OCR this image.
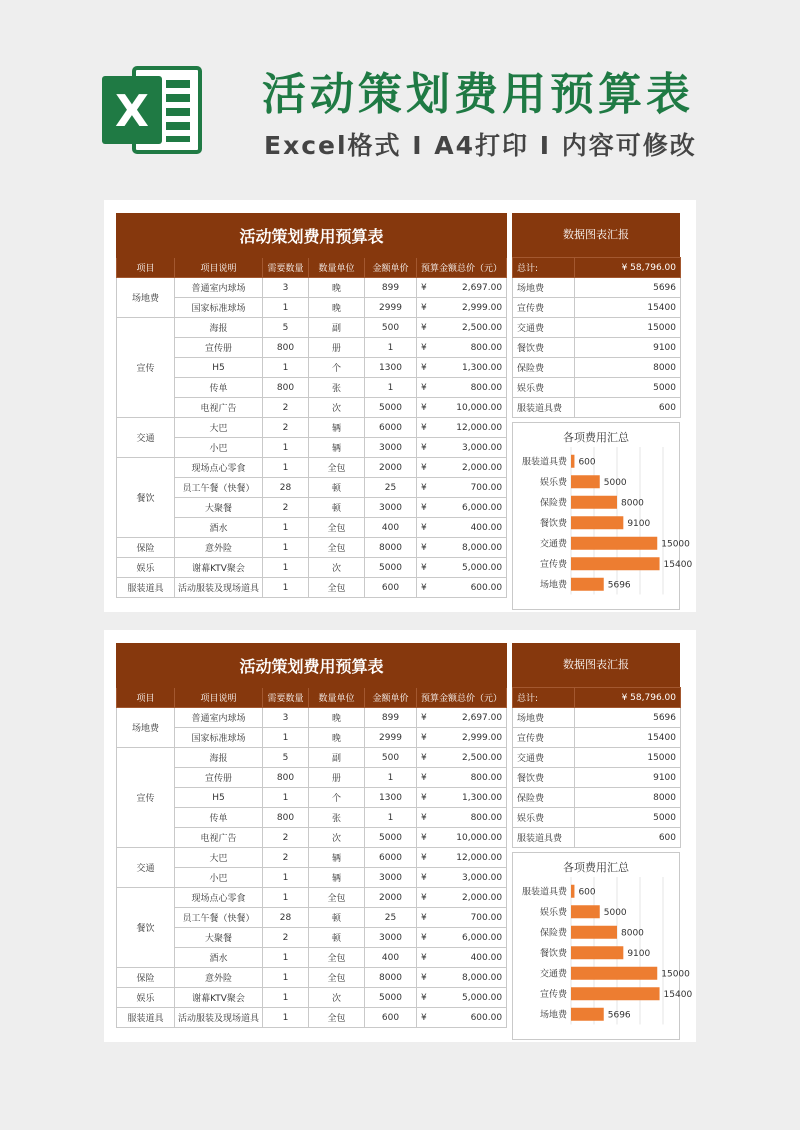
X	活动策划费用预算表
Excel格式 I A4打印 I 内容可修改
活动策划费用预算表					
项目	项目说明	需要数量	数量单位	金额单价	预算金额总价（元）
场地费	普通室内球场	3	晚	899	¥ 2,697.00

	国家标准球场	1	晚	2999	¥ 2,999.00

宣传	海报	5	副	500	¥ 2,500.00

	宣传册	800	册	1	¥ 800.00

	H5	1	个	1300	¥ 1,300.00

	传单	800	张	1	¥ 800.00

	电视广告	2	次	5000	¥ 10,000.00

交通	大巴	2	辆	6000	¥ 12,000.00

	小巴	1	辆	3000	¥ 3,000.00

餐饮	现场点心零食	1	全包	2000	¥ 2,000.00

	员工午餐（快餐）	28	顿	25	¥ 700.00

	大聚餐	2	顿	3000	¥ 6,000.00

	酒水	1	全包	400	¥ 400.00

保险	意外险	1	全包	8000	¥ 8,000.00

娱乐	谢幕KTV聚会	1	次	5000	¥ 5,000.00

服装道具	活动服装及现场道具	1	全包	600	¥ 600.00
数据图表汇报
总计:	¥ 58,796.00
场地费	5696
宣传费	15400
交通费	15000
餐饮费	9100
保险费	8000
娱乐费	5000
服装道具费	600
各项费用汇总
服装道具费 600
娱乐费	5000
保险费	8000
餐饮费	9100
交通费	15000
宣传费	15400
场地费	5696
活动策划费用预算表					
项目	项目说明	需要数量	数量单位	金额单价	预算金额总价（元）
场地费	普通室内球场	3	晚	899	¥ 2,697.00

	国家标准球场	1	晚	2999	¥ 2,999.00

宣传	海报	5	副	500	¥ 2,500.00

	宣传册	800	册	1	¥ 800.00

	H5	1	个	1300	¥ 1,300.00

	传单	800	张	1	¥ 800.00

	电视广告	2	次	5000	¥ 10,000.00

交通	大巴	2	辆	6000	¥ 12,000.00

	小巴	1	辆	3000	¥ 3,000.00

餐饮	现场点心零食	1	全包	2000	¥ 2,000.00

	员工午餐（快餐）	28	顿	25	¥ 700.00

	大聚餐	2	顿	3000	¥ 6,000.00

	酒水	1	全包	400	¥ 400.00

保险	意外险	1	全包	8000	¥ 8,000.00

娱乐	谢幕KTV聚会	1	次	5000	¥ 5,000.00

服装道具	活动服装及现场道具	1	全包	600	¥ 600.00
数据图表汇报
总计:	¥ 58,796.00
场地费	5696
宣传费	15400
交通费	15000
餐饮费	9100
保险费	8000
娱乐费	5000
服装道具费	600
各项费用汇总
服装道具费 600
娱乐费	5000
保险费	8000
餐饮费	9100
交通费	15000
宣传费	15400
场地费	5696
